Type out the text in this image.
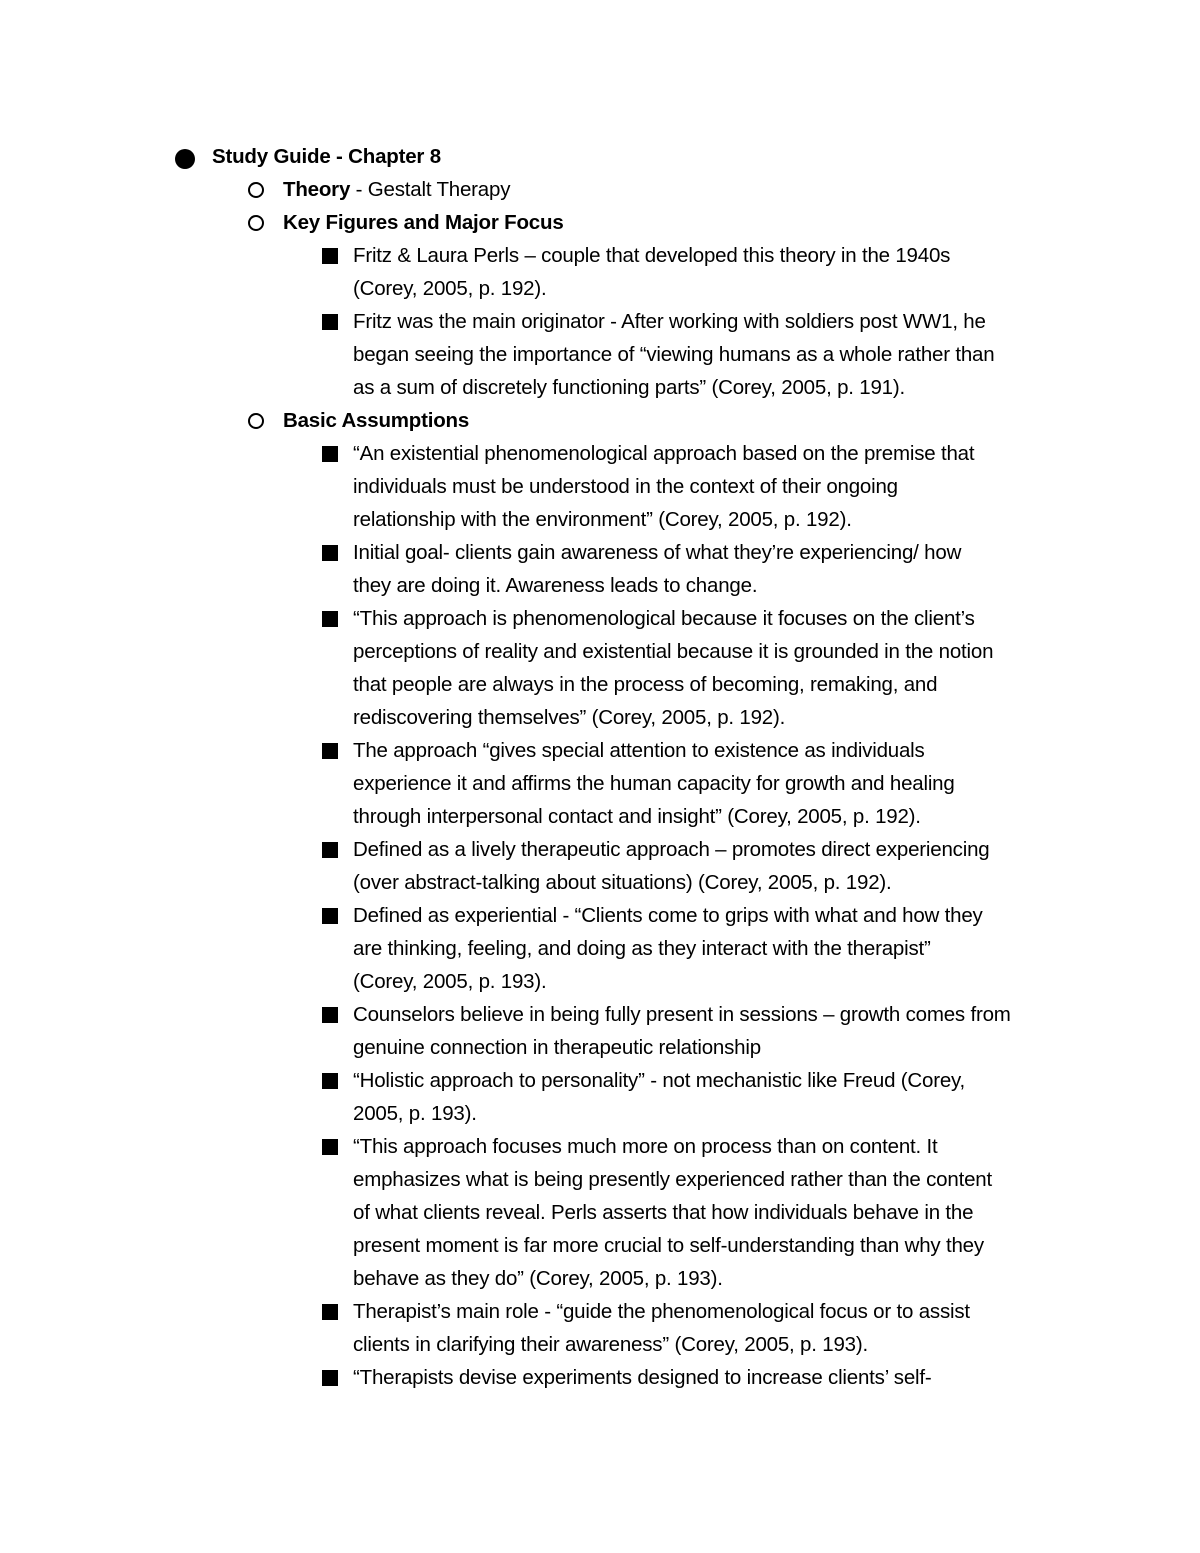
Study Guide - Chapter 8
Theory - Gestalt Therapy
Key Figures and Major Focus
Fritz & Laura Perls – couple that developed this theory in the 1940s
(Corey, 2005, p. 192).
Fritz was the main originator - After working with soldiers post WW1, he
began seeing the importance of “viewing humans as a whole rather than
as a sum of discretely functioning parts” (Corey, 2005, p. 191).
Basic Assumptions
“An existential phenomenological approach based on the premise that
individuals must be understood in the context of their ongoing
relationship with the environment” (Corey, 2005, p. 192).
Initial goal- clients gain awareness of what they’re experiencing/ how
they are doing it. Awareness leads to change.
“This approach is phenomenological because it focuses on the client’s
perceptions of reality and existential because it is grounded in the notion
that people are always in the process of becoming, remaking, and
rediscovering themselves” (Corey, 2005, p. 192).
The approach “gives special attention to existence as individuals
experience it and affirms the human capacity for growth and healing
through interpersonal contact and insight” (Corey, 2005, p. 192).
Defined as a lively therapeutic approach – promotes direct experiencing
(over abstract-talking about situations) (Corey, 2005, p. 192).
Defined as experiential - “Clients come to grips with what and how they
are thinking, feeling, and doing as they interact with the therapist”
(Corey, 2005, p. 193).
Counselors believe in being fully present in sessions – growth comes from
genuine connection in therapeutic relationship
“Holistic approach to personality” - not mechanistic like Freud (Corey,
2005, p. 193).
“This approach focuses much more on process than on content. It
emphasizes what is being presently experienced rather than the content
of what clients reveal. Perls asserts that how individuals behave in the
present moment is far more crucial to self-understanding than why they
behave as they do” (Corey, 2005, p. 193).
Therapist’s main role - “guide the phenomenological focus or to assist
clients in clarifying their awareness” (Corey, 2005, p. 193).
“Therapists devise experiments designed to increase clients’ self-
